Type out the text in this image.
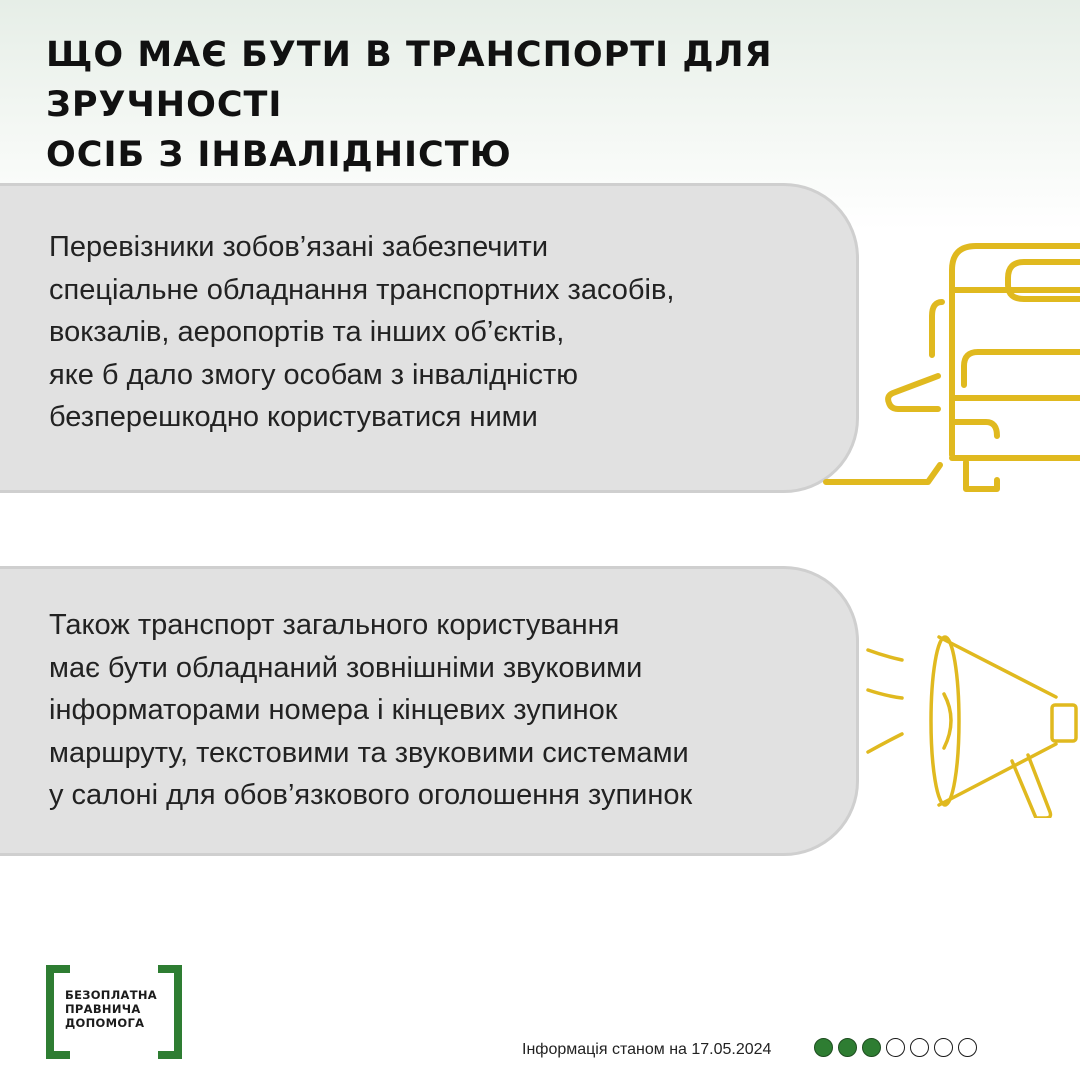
ЩО МАЄ БУТИ В ТРАНСПОРТІ ДЛЯ ЗРУЧНОСТІ
ОСІБ З ІНВАЛІДНІСТЮ

Перевізники зобов’язані забезпечити
спеціальне обладнання транспортних засобів,
вокзалів, аеропортів та інших об’єктів,
яке б дало змогу особам з інвалідністю
безперешкодно користуватися ними

Також транспорт загального користування
має бути обладнаний зовнішніми звуковими
інформаторами номера і кінцевих зупинок
маршруту, текстовими та звуковими системами
у салоні для обов’язкового оголошення зупинок

БЕЗОПЛАТНА
ПРАВНИЧА
ДОПОМОГА

Інформація станом на 17.05.2024
